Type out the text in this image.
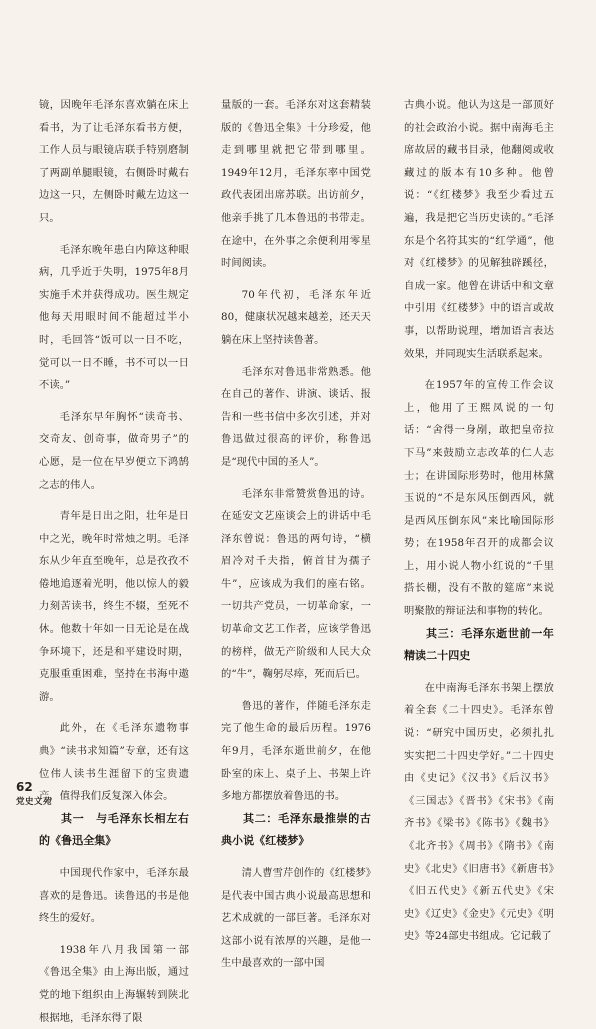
镜，因晚年毛泽东喜欢躺在床上看书，为了让毛泽东看书方便，工作人员与眼镜店联手特别磨制了两副单腿眼镜，右侧卧时戴右边这一只，左侧卧时戴左边这一只。

毛泽东晚年患白内障这种眼病，几乎近于失明，1975年8月实施手术并获得成功。医生规定他每天用眼时间不能超过半小时，毛回答“饭可以一日不吃，觉可以一日不睡，书不可以一日不读。”

毛泽东早年胸怀“读奇书、交奇友、创奇事，做奇男子”的心愿，是一位在早岁便立下鸿鹄之志的伟人。

青年是日出之阳，壮年是日中之光，晚年时常烛之明。毛泽东从少年直至晚年，总是孜孜不倦地追逐着光明，他以惊人的毅力刻苦读书，终生不辍，至死不休。他数十年如一日无论是在战争环境下，还是和平建设时期，克服重重困难，坚持在书海中遨游。

此外，在《毛泽东遗物事典》“读书求知篇”专章，还有这位伟人读书生涯留下的宝贵遗产，值得我们反复深入体会。

其一　与毛泽东长相左右的《鲁迅全集》

中国现代作家中，毛泽东最喜欢的是鲁迅。读鲁迅的书是他终生的爱好。

1938年八月我国第一部《鲁迅全集》由上海出版，通过党的地下组织由上海辗转到陕北根据地，毛泽东得了限

量版的一套。毛泽东对这套精装版的《鲁迅全集》十分珍爱，他走到哪里就把它带到哪里。1949年12月，毛泽东率中国党政代表团出席苏联。出访前夕，他亲手挑了几本鲁迅的书带走。在途中，在外事之余便利用零星时间阅读。

70年代初，毛泽东年近80，健康状况越来越差，还天天躺在床上坚持读鲁著。

毛泽东对鲁迅非常熟悉。他在自己的著作、讲演、谈话、报告和一些书信中多次引述，并对鲁迅做过很高的评价，称鲁迅是“现代中国的圣人”。

毛泽东非常赞赏鲁迅的诗。在延安文艺座谈会上的讲话中毛泽东曾说：鲁迅的两句诗，“横眉冷对千夫指，俯首甘为孺子牛”，应该成为我们的座右铭。一切共产党员，一切革命家，一切革命文艺工作者，应该学鲁迅的榜样，做无产阶级和人民大众的“牛”，鞠躬尽瘁，死而后已。

鲁迅的著作，伴随毛泽东走完了他生命的最后历程。1976年9月，毛泽东逝世前夕，在他卧室的床上、桌子上、书架上许多地方都摆放着鲁迅的书。

其二：毛泽东最推崇的古典小说《红楼梦》

清人曹雪芹创作的《红楼梦》是代表中国古典小说最高思想和艺术成就的一部巨著。毛泽东对这部小说有浓厚的兴趣，是他一生中最喜欢的一部中国

古典小说。他认为这是一部顶好的社会政治小说。据中南海毛主席故居的藏书目录，他翻阅或收藏过的版本有10多种。他曾说：“《红楼梦》我至少看过五遍，我是把它当历史读的。”毛泽东是个名符其实的“红学通”，他对《红楼梦》的见解独辟蹊径，自成一家。他曾在讲话中和文章中引用《红楼梦》中的语言或故事，以帮助说理，增加语言表达效果，并同现实生活联系起来。

在1957年的宣传工作会议上，他用了王熙凤说的一句话：“舍得一身剐，敢把皇帝拉下马”来鼓励立志改革的仁人志士；在讲国际形势时，他用林黛玉说的“不是东风压倒西风，就是西风压倒东风”来比喻国际形势；在1958年召开的成都会议上，用小说人物小红说的“千里搭长棚，没有不散的筵席”来说明聚散的辩证法和事物的转化。

其三：毛泽东逝世前一年精读二十四史

在中南海毛泽东书架上摆放着全套《二十四史》。毛泽东曾说：“研究中国历史，必须扎扎实实把二十四史学好。”二十四史由《史记》《汉书》《后汉书》《三国志》《晋书》《宋书》《南齐书》《梁书》《陈书》《魏书》《北齐书》《周书》《隋书》《南史》《北史》《旧唐书》《新唐书》《旧五代史》《新五代史》《宋史》《辽史》《金史》《元史》《明史》等24部史书组成。它记载了

62
党史文苑
